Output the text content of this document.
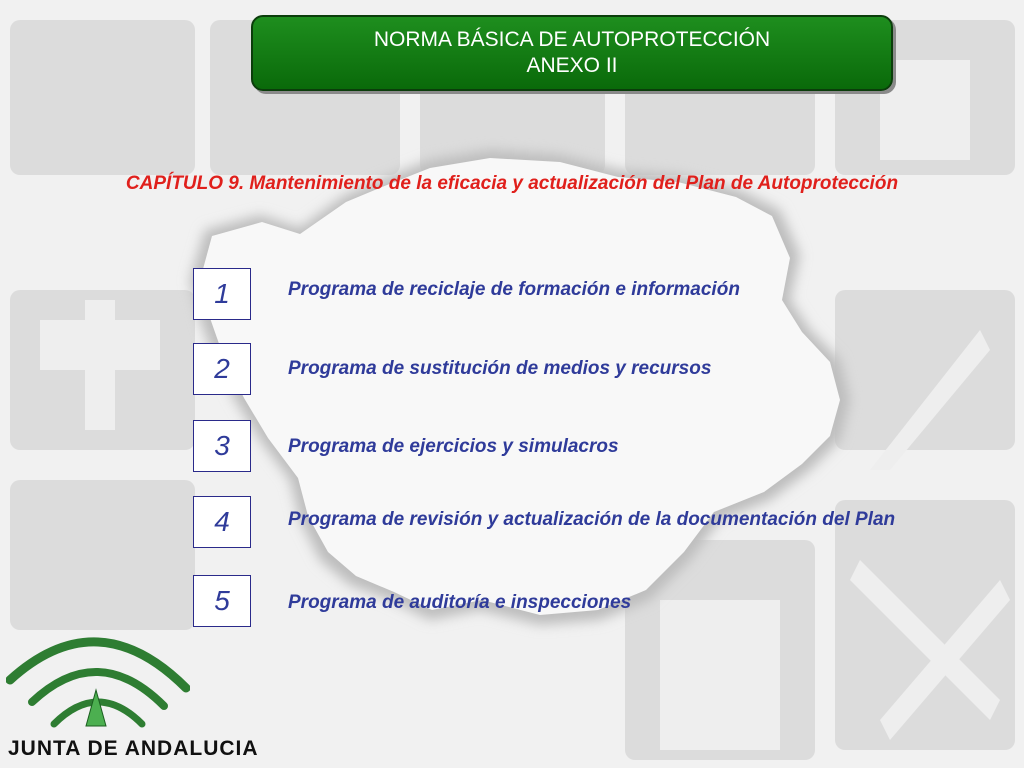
NORMA BÁSICA DE AUTOPROTECCIÓN
ANEXO II
CAPÍTULO 9. Mantenimiento de la eficacia y actualización del Plan de Autoprotección
1	Programa de reciclaje de formación e información
2	Programa de sustitución de medios y recursos
3	Programa de ejercicios y simulacros
4	Programa de revisión y actualización de la documentación del Plan
5	Programa de auditoría e inspecciones
JUNTA DE ANDALUCIA
